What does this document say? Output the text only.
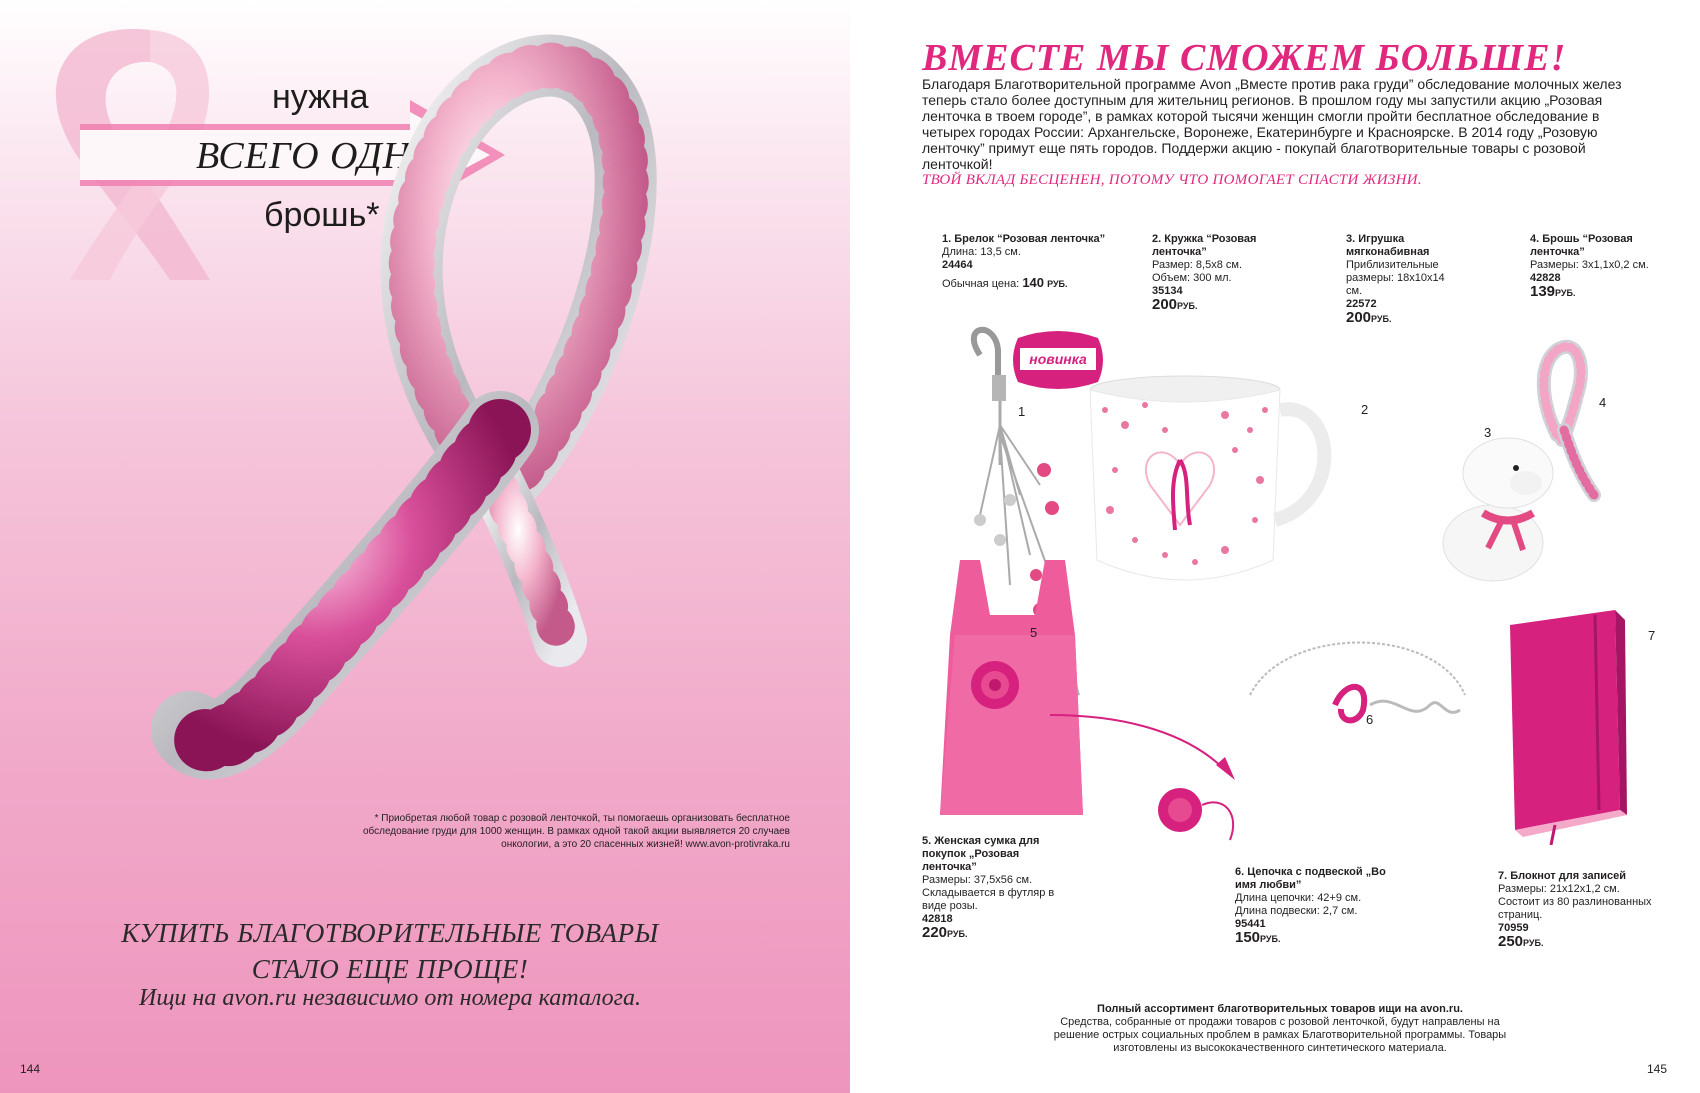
нужна
ВСЕГО ОДНА
брошь*
* Приобретая любой товар с розовой ленточкой, ты помогаешь организовать бесплатное обследование груди для 1000 женщин. В рамках одной такой акции выявляется 20 случаев онкологии, а это 20 спасенных жизней! www.avon-protivraka.ru
КУПИТЬ БЛАГОТВОРИТЕЛЬНЫЕ ТОВАРЫ
СТАЛО ЕЩЕ ПРОЩЕ!
Ищи на avon.ru независимо от номера каталога.
144
ВМЕСТЕ МЫ СМОЖЕМ БОЛЬШЕ!
Благодаря Благотворительной программе Avon „Вместе против рака груди” обследование молочных желез теперь стало более доступным для жительниц регионов. В прошлом году мы запустили акцию „Розовая ленточка в твоем городе”, в рамках которой тысячи женщин смогли пройти бесплатное обследование в четырех городах России: Архангельске, Воронеже, Екатеринбурге и Красноярске. В 2014 году „Розовую ленточку” примут еще пять городов. Поддержи акцию - покупай благотворительные товары с розовой ленточкой!
ТВОЙ ВКЛАД БЕСЦЕНЕН, ПОТОМУ ЧТО ПОМОГАЕТ СПАСТИ ЖИЗНИ.
1. Брелок “Розовая ленточка”
Длина: 13,5 см.
24464
Обычная цена: 140 РУБ.
2. Кружка “Розовая ленточка”
Размер: 8,5x8 см.
Объем: 300 мл.
35134
200РУБ.
3. Игрушка мягконабивная
Приблизительные размеры: 18x10x14 см.
22572
200РУБ.
4. Брошь “Розовая ленточка”
Размеры: 3x1,1x0,2 см.
42828
139РУБ.
новинка
1	2
3
4
5
6
7
5. Женская сумка для покупок „Розовая ленточка”
Размеры: 37,5x56 см.
Складывается в футляр в виде розы.
42818
220РУБ.
6. Цепочка с подвеской „Во имя любви”
Длина цепочки: 42+9 см.
Длина подвески: 2,7 см.
95441
150РУБ.
7. Блокнот для записей
Размеры: 21x12x1,2 см.
Состоит из 80 разлинованных страниц.
70959
250РУБ.
Полный ассортимент благотворительных товаров ищи на avon.ru.
Средства, собранные от продажи товаров с розовой ленточкой, будут направлены на решение острых социальных проблем в рамках Благотворительной программы. Товары изготовлены из высококачественного синтетического материала.
145
